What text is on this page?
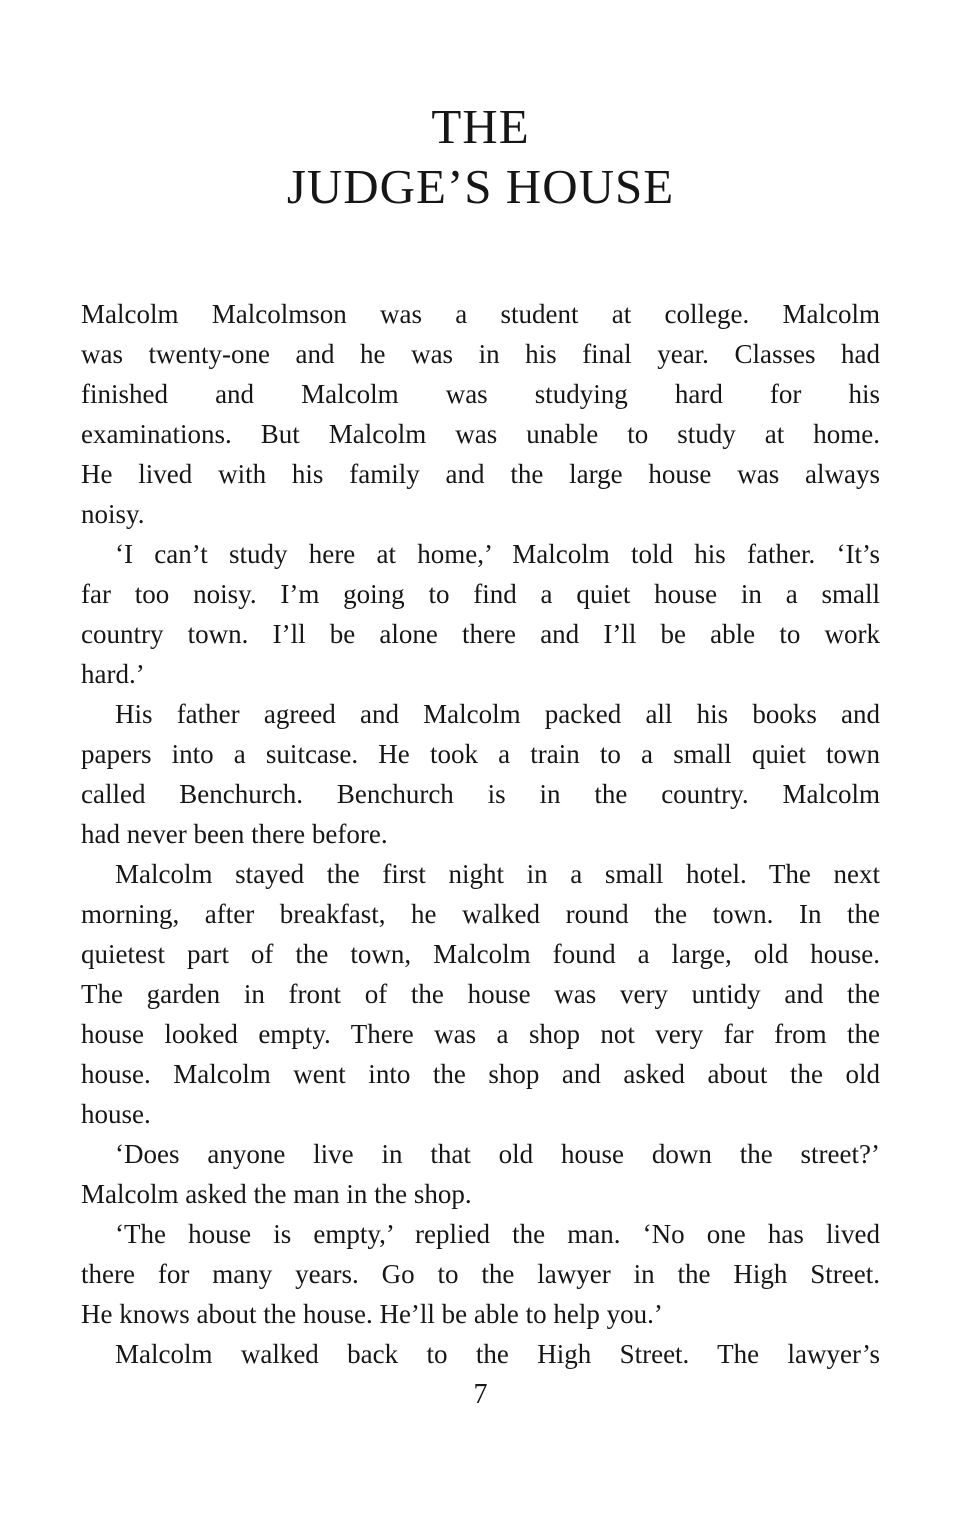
THE
JUDGE’S HOUSE
Malcolm Malcolmson was a student at college. Malcolm
was twenty-one and he was in his final year. Classes had
finished and Malcolm was studying hard for his
examinations. But Malcolm was unable to study at home.
He lived with his family and the large house was always
noisy.
‘I can’t study here at home,’ Malcolm told his father. ‘It’s
far too noisy. I’m going to find a quiet house in a small
country town. I’ll be alone there and I’ll be able to work
hard.’
His father agreed and Malcolm packed all his books and
papers into a suitcase. He took a train to a small quiet town
called Benchurch. Benchurch is in the country. Malcolm
had never been there before.
Malcolm stayed the first night in a small hotel. The next
morning, after breakfast, he walked round the town. In the
quietest part of the town, Malcolm found a large, old house.
The garden in front of the house was very untidy and the
house looked empty. There was a shop not very far from the
house. Malcolm went into the shop and asked about the old
house.
‘Does anyone live in that old house down the street?’
Malcolm asked the man in the shop.
‘The house is empty,’ replied the man. ‘No one has lived
there for many years. Go to the lawyer in the High Street.
He knows about the house. He’ll be able to help you.’
Malcolm walked back to the High Street. The lawyer’s
7
